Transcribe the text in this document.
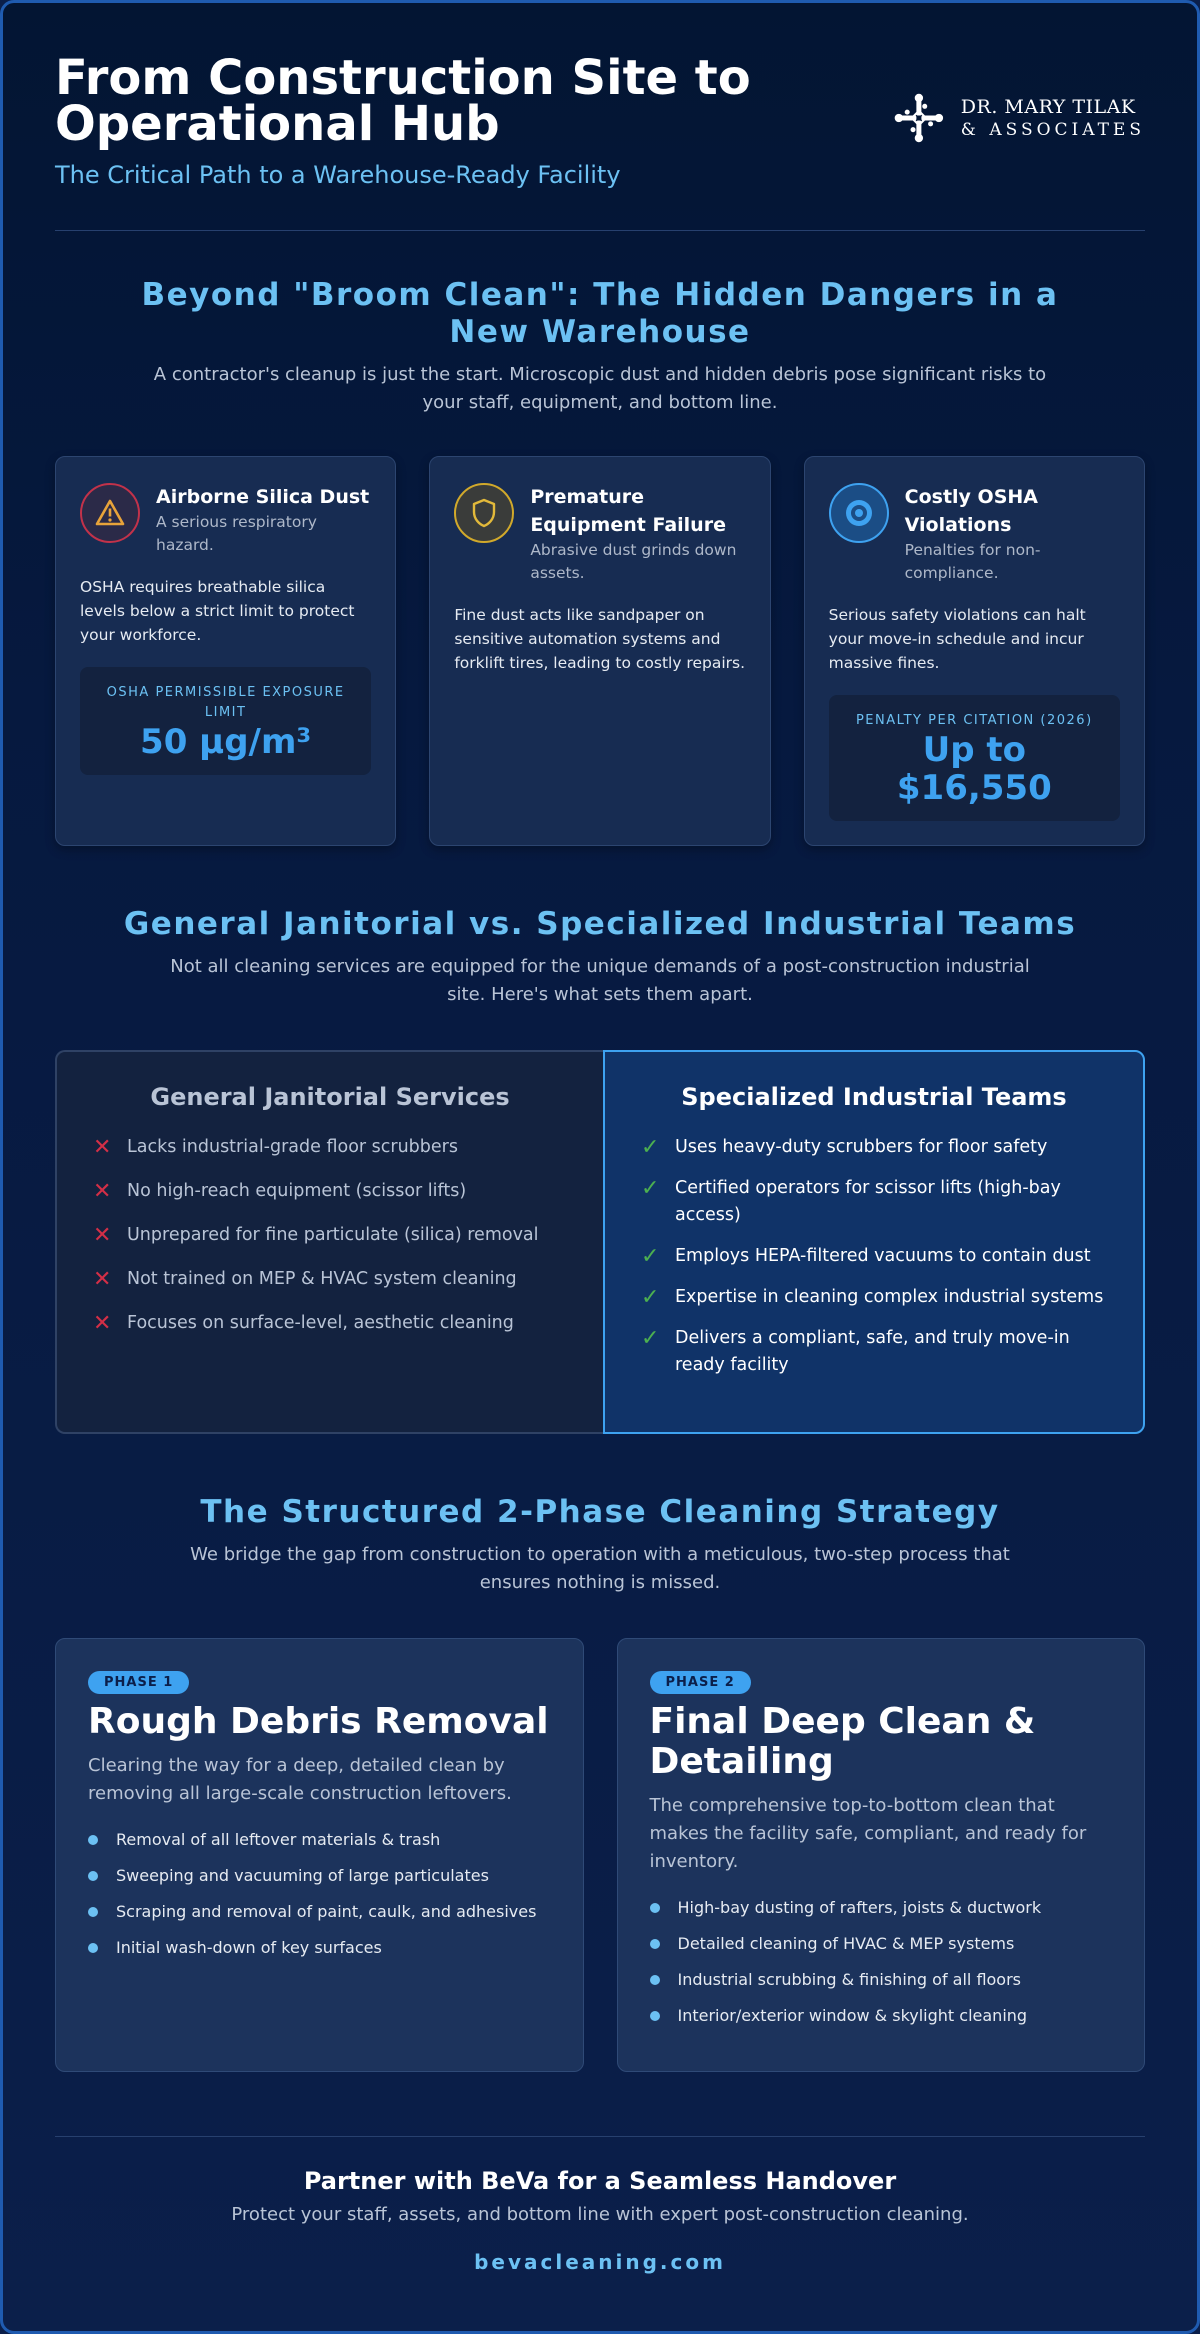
From Construction Site to Operational Hub
The Critical Path to a Warehouse-Ready Facility
DR. MARY TILAK
& ASSOCIATES
Beyond "Broom Clean": The Hidden Dangers in a New Warehouse
A contractor's cleanup is just the start. Microscopic dust and hidden debris pose significant risks to your staff, equipment, and bottom line.
Airborne Silica Dust
A serious respiratory hazard.
OSHA requires breathable silica levels below a strict limit to protect your workforce.
OSHA PERMISSIBLE EXPOSURE LIMIT
50 µg/m³
Premature Equipment Failure
Abrasive dust grinds down assets.
Fine dust acts like sandpaper on sensitive automation systems and forklift tires, leading to costly repairs.
Costly OSHA Violations
Penalties for non-compliance.
Serious safety violations can halt your move-in schedule and incur massive fines.
PENALTY PER CITATION (2026)
Up to $16,550
General Janitorial vs. Specialized Industrial Teams
Not all cleaning services are equipped for the unique demands of a post-construction industrial site. Here's what sets them apart.
General Janitorial Services
✕ Lacks industrial-grade floor scrubbers
✕ No high-reach equipment (scissor lifts)
✕ Unprepared for fine particulate (silica) removal
✕ Not trained on MEP & HVAC system cleaning
✕ Focuses on surface-level, aesthetic cleaning
Specialized Industrial Teams
✓ Uses heavy-duty scrubbers for floor safety
✓ Certified operators for scissor lifts (high-bay access)
✓ Employs HEPA-filtered vacuums to contain dust
✓ Expertise in cleaning complex industrial systems
✓ Delivers a compliant, safe, and truly move-in ready facility
The Structured 2-Phase Cleaning Strategy
We bridge the gap from construction to operation with a meticulous, two-step process that ensures nothing is missed.
PHASE 1
Rough Debris Removal
Clearing the way for a deep, detailed clean by removing all large-scale construction leftovers.
Removal of all leftover materials & trash
Sweeping and vacuuming of large particulates
Scraping and removal of paint, caulk, and adhesives
Initial wash-down of key surfaces
PHASE 2
Final Deep Clean & Detailing
The comprehensive top-to-bottom clean that makes the facility safe, compliant, and ready for inventory.
High-bay dusting of rafters, joists & ductwork
Detailed cleaning of HVAC & MEP systems
Industrial scrubbing & finishing of all floors
Interior/exterior window & skylight cleaning
Partner with BeVa for a Seamless Handover
Protect your staff, assets, and bottom line with expert post-construction cleaning.
bevacleaning.com
